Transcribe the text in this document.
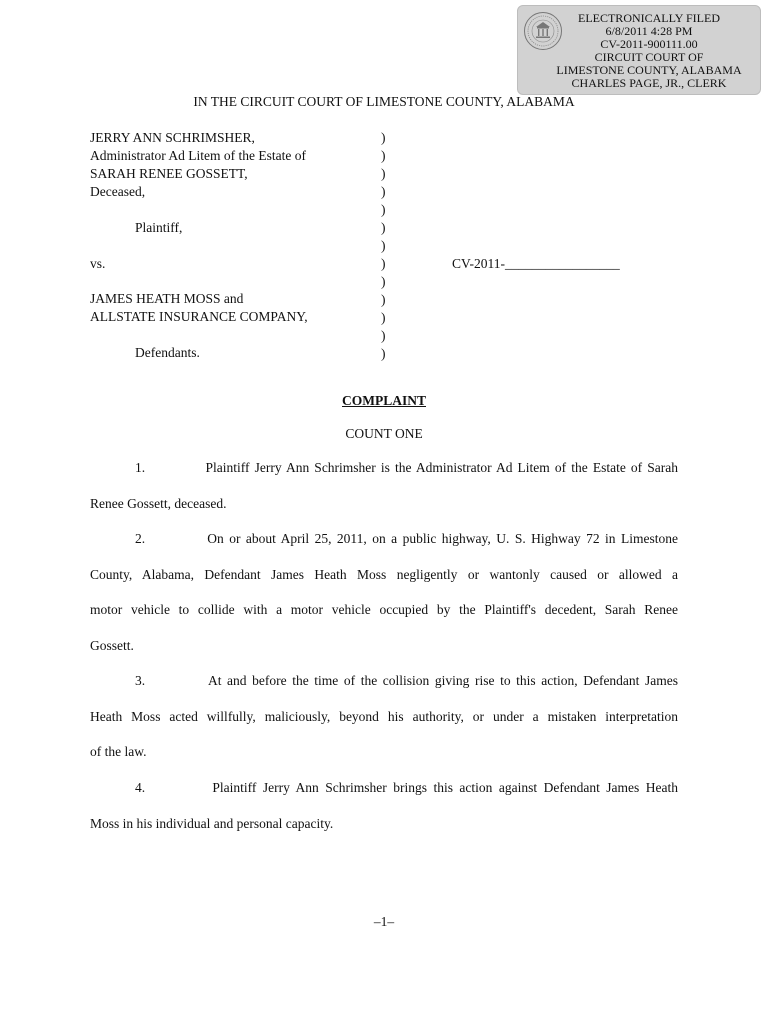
ELECTRONICALLY FILED
6/8/2011 4:28 PM
CV-2011-900111.00
CIRCUIT COURT OF
LIMESTONE COUNTY, ALABAMA
CHARLES PAGE, JR., CLERK
IN THE CIRCUIT COURT OF LIMESTONE COUNTY, ALABAMA
JERRY ANN SCHRIMSHER,
Administrator Ad Litem of the Estate of
SARAH RENEE GOSSETT,
Deceased,
Plaintiff,
vs.	CV-2011-_________________
JAMES HEATH MOSS and
ALLSTATE INSURANCE COMPANY,
Defendants.
)
)
)
)
)
)
)
)
)
)
)
)
)
COMPLAINT
COUNT ONE
1.	Plaintiff Jerry Ann Schrimsher is the Administrator Ad Litem of the Estate of Sarah
Renee Gossett, deceased.
2.	On or about April 25, 2011, on a public highway, U. S. Highway 72 in Limestone
County, Alabama, Defendant James Heath Moss negligently or wantonly caused or allowed a
motor vehicle to collide with a motor vehicle occupied by the Plaintiff's decedent, Sarah Renee
Gossett.
3.	At and before the time of the collision giving rise to this action, Defendant James
Heath Moss acted willfully, maliciously, beyond his authority, or under a mistaken interpretation
of the law.
4.	Plaintiff Jerry Ann Schrimsher brings this action against Defendant James Heath
Moss in his individual and personal capacity.
–1–
